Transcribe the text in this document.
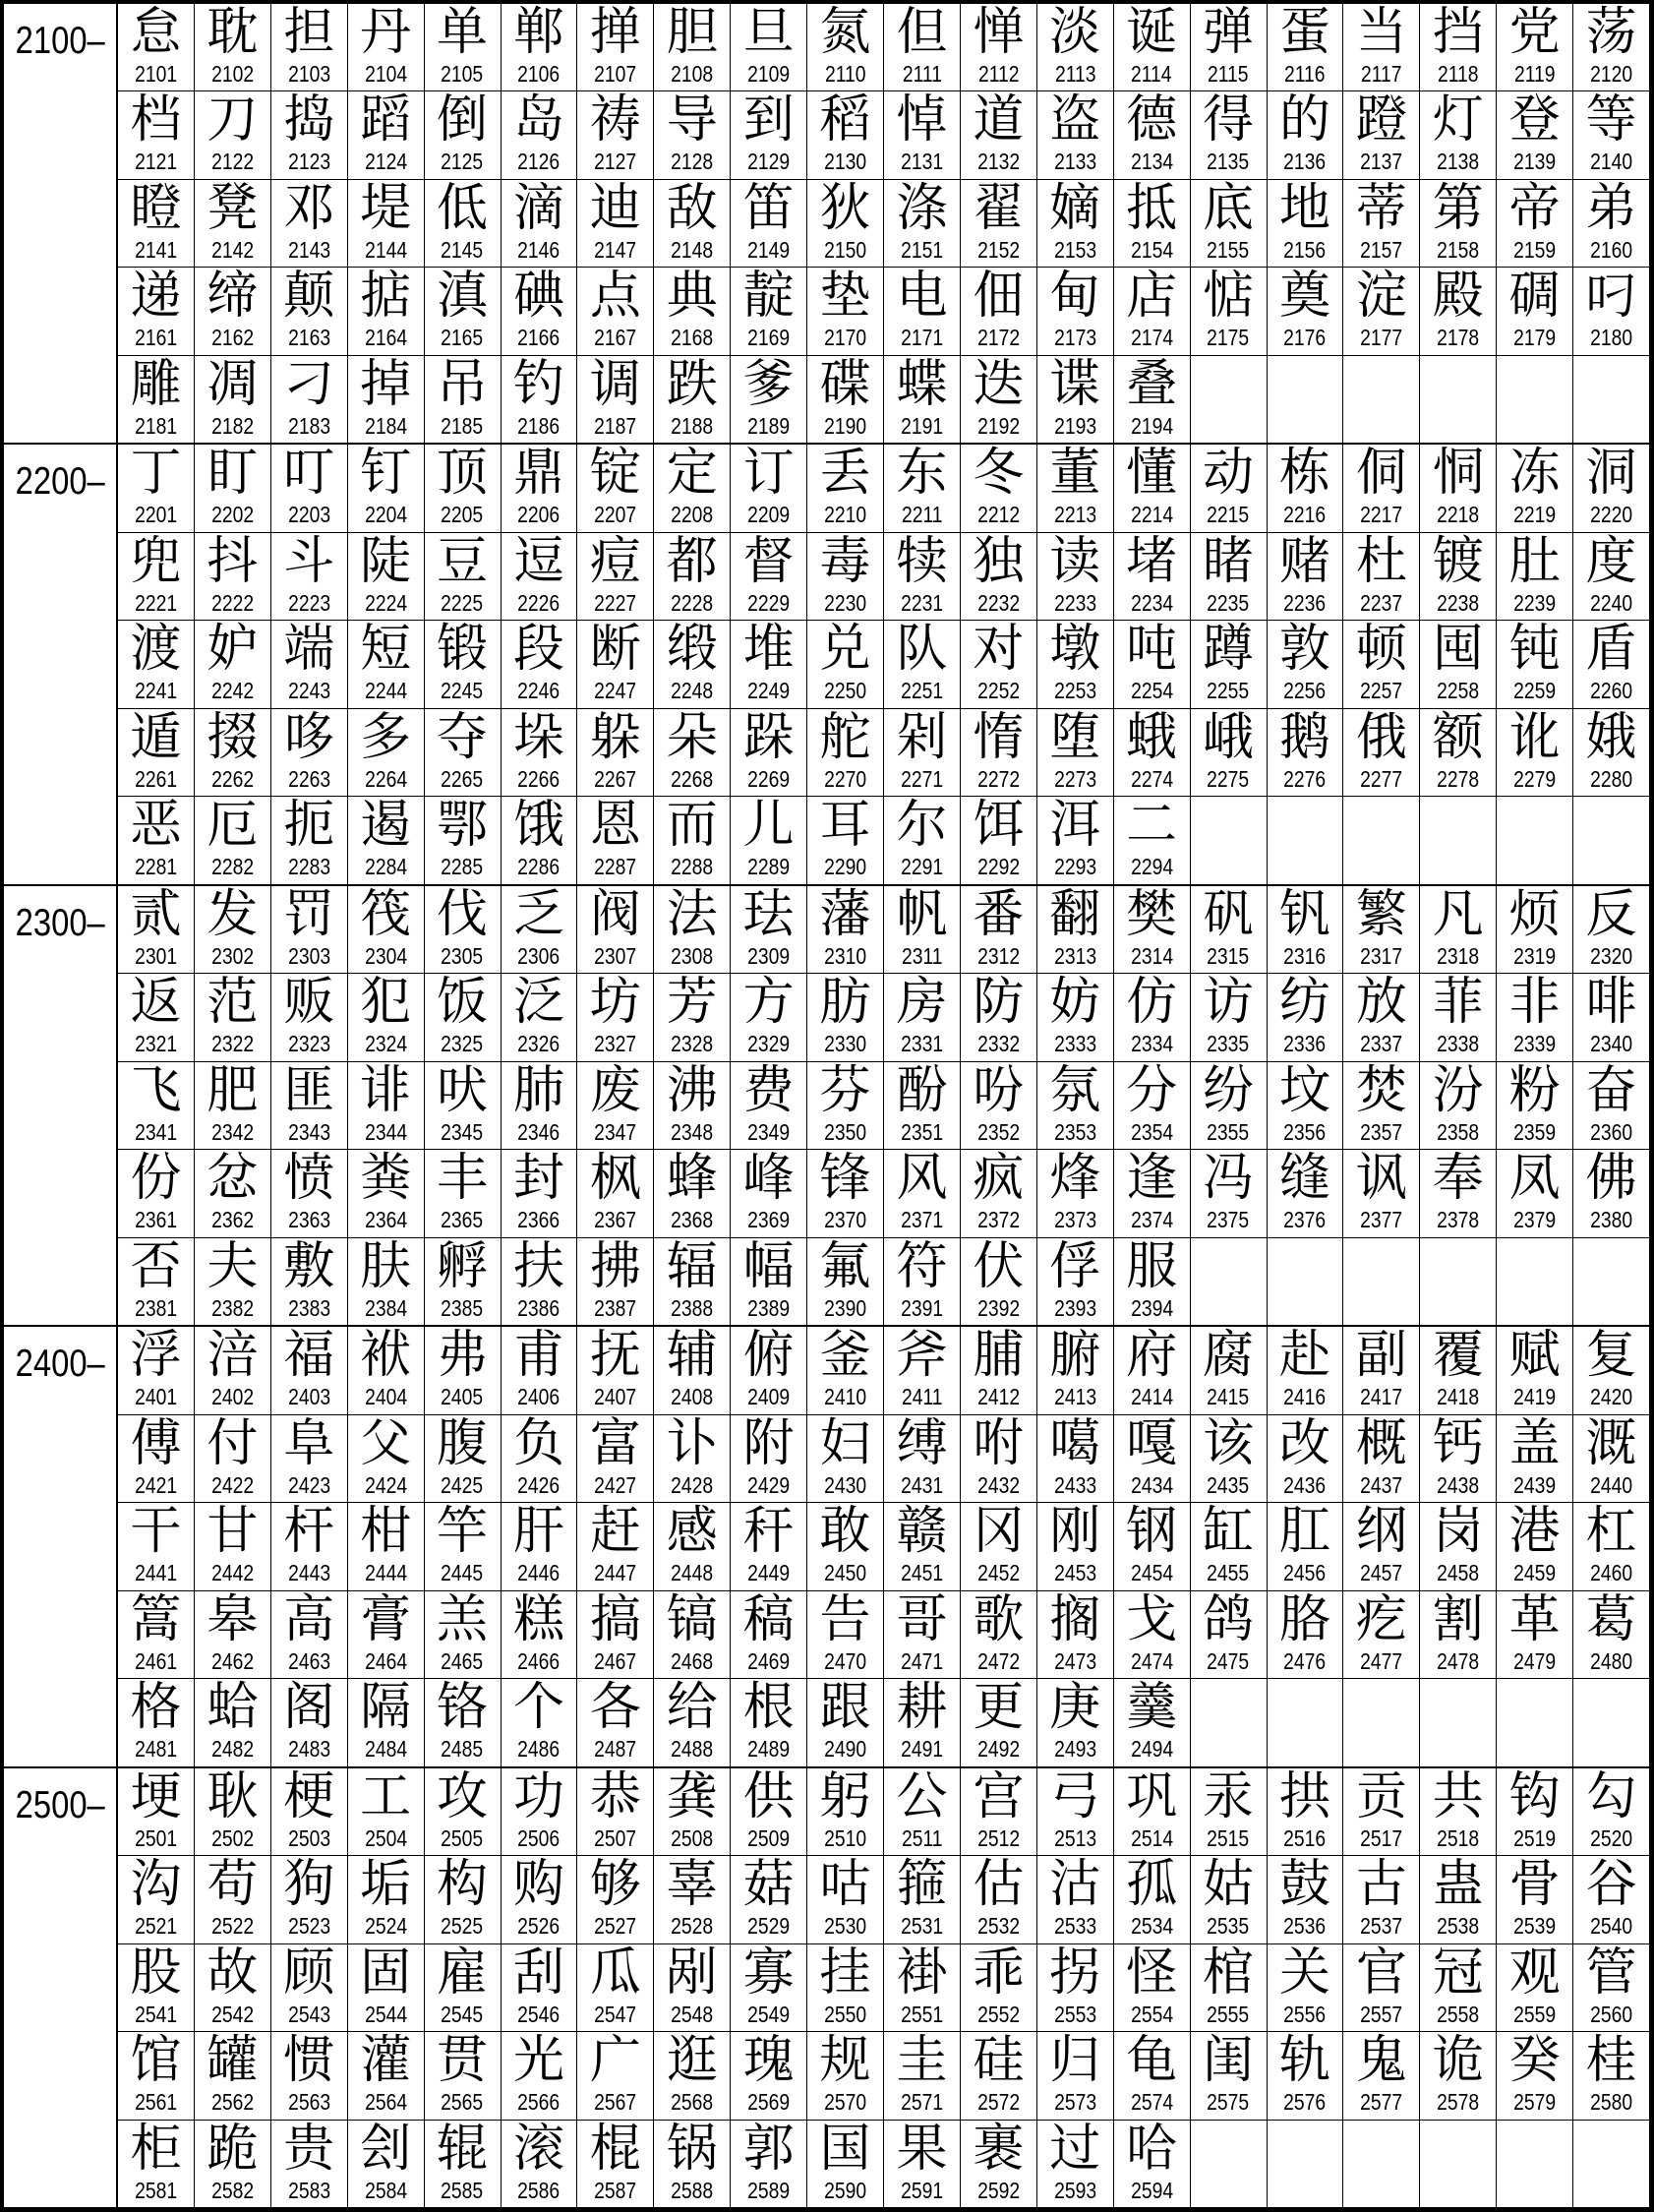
2100– 怠
2101
耽
2102
担
2103
丹
2104
单
2105
郸
2106
掸
2107
胆
2108
旦
2109
氮
2110
但
2111
惮
2112
淡
2113
诞
2114
弹
2115
蛋
2116
当
2117
挡
2118
党
2119
荡
2120
档
2121
刀
2122
捣
2123
蹈
2124
倒
2125
岛
2126
祷
2127
导
2128
到
2129
稻
2130
悼
2131
道
2132
盗
2133
德
2134
得
2135
的
2136
蹬
2137
灯
2138
登
2139
等
2140
瞪
2141
凳
2142
邓
2143
堤
2144
低
2145
滴
2146
迪
2147
敌
2148
笛
2149
狄
2150
涤
2151
翟
2152
嫡
2153
抵
2154
底
2155
地
2156
蒂
2157
第
2158
帝
2159
弟
2160
递
2161
缔
2162
颠
2163
掂
2164
滇
2165
碘
2166
点
2167
典
2168
靛
2169
垫
2170
电
2171
佃
2172
甸
2173
店
2174
惦
2175
奠
2176
淀
2177
殿
2178
碉
2179
叼
2180
雕
2181
凋
2182
刁
2183
掉
2184
吊
2185
钓
2186
调
2187
跌
2188
爹
2189
碟
2190
蝶
2191
迭
2192
谍
2193
叠
2194
2200– 丁
2201
盯
2202
叮
2203
钉
2204
顶
2205
鼎
2206
锭
2207
定
2208
订
2209
丢
2210
东
2211
冬
2212
董
2213
懂
2214
动
2215
栋
2216
侗
2217
恫
2218
冻
2219
洞
2220
兜
2221
抖
2222
斗
2223
陡
2224
豆
2225
逗
2226
痘
2227
都
2228
督
2229
毒
2230
犊
2231
独
2232
读
2233
堵
2234
睹
2235
赌
2236
杜
2237
镀
2238
肚
2239
度
2240
渡
2241
妒
2242
端
2243
短
2244
锻
2245
段
2246
断
2247
缎
2248
堆
2249
兑
2250
队
2251
对
2252
墩
2253
吨
2254
蹲
2255
敦
2256
顿
2257
囤
2258
钝
2259
盾
2260
遁
2261
掇
2262
哆
2263
多
2264
夺
2265
垛
2266
躲
2267
朵
2268
跺
2269
舵
2270
剁
2271
惰
2272
堕
2273
蛾
2274
峨
2275
鹅
2276
俄
2277
额
2278
讹
2279
娥
2280
恶
2281
厄
2282
扼
2283
遏
2284
鄂
2285
饿
2286
恩
2287
而
2288
儿
2289
耳
2290
尔
2291
饵
2292
洱
2293
二
2294
2300– 贰
2301
发
2302
罚
2303
筏
2304
伐
2305
乏
2306
阀
2307
法
2308
珐
2309
藩
2310
帆
2311
番
2312
翻
2313
樊
2314
矾
2315
钒
2316
繁
2317
凡
2318
烦
2319
反
2320
返
2321
范
2322
贩
2323
犯
2324
饭
2325
泛
2326
坊
2327
芳
2328
方
2329
肪
2330
房
2331
防
2332
妨
2333
仿
2334
访
2335
纺
2336
放
2337
菲
2338
非
2339
啡
2340
飞
2341
肥
2342
匪
2343
诽
2344
吠
2345
肺
2346
废
2347
沸
2348
费
2349
芬
2350
酚
2351
吩
2352
氛
2353
分
2354
纷
2355
坟
2356
焚
2357
汾
2358
粉
2359
奋
2360
份
2361
忿
2362
愤
2363
粪
2364
丰
2365
封
2366
枫
2367
蜂
2368
峰
2369
锋
2370
风
2371
疯
2372
烽
2373
逢
2374
冯
2375
缝
2376
讽
2377
奉
2378
凤
2379
佛
2380
否
2381
夫
2382
敷
2383
肤
2384
孵
2385
扶
2386
拂
2387
辐
2388
幅
2389
氟
2390
符
2391
伏
2392
俘
2393
服
2394
2400– 浮
2401
涪
2402
福
2403
袱
2404
弗
2405
甫
2406
抚
2407
辅
2408
俯
2409
釜
2410
斧
2411
脯
2412
腑
2413
府
2414
腐
2415
赴
2416
副
2417
覆
2418
赋
2419
复
2420
傅
2421
付
2422
阜
2423
父
2424
腹
2425
负
2426
富
2427
讣
2428
附
2429
妇
2430
缚
2431
咐
2432
噶
2433
嘎
2434
该
2435
改
2436
概
2437
钙
2438
盖
2439
溉
2440
干
2441
甘
2442
杆
2443
柑
2444
竿
2445
肝
2446
赶
2447
感
2448
秆
2449
敢
2450
赣
2451
冈
2452
刚
2453
钢
2454
缸
2455
肛
2456
纲
2457
岗
2458
港
2459
杠
2460
篙
2461
皋
2462
高
2463
膏
2464
羔
2465
糕
2466
搞
2467
镐
2468
稿
2469
告
2470
哥
2471
歌
2472
搁
2473
戈
2474
鸽
2475
胳
2476
疙
2477
割
2478
革
2479
葛
2480
格
2481
蛤
2482
阁
2483
隔
2484
铬
2485
个
2486
各
2487
给
2488
根
2489
跟
2490
耕
2491
更
2492
庚
2493
羹
2494
2500– 埂
2501
耿
2502
梗
2503
工
2504
攻
2505
功
2506
恭
2507
龚
2508
供
2509
躬
2510
公
2511
宫
2512
弓
2513
巩
2514
汞
2515
拱
2516
贡
2517
共
2518
钩
2519
勾
2520
沟
2521
苟
2522
狗
2523
垢
2524
构
2525
购
2526
够
2527
辜
2528
菇
2529
咕
2530
箍
2531
估
2532
沽
2533
孤
2534
姑
2535
鼓
2536
古
2537
蛊
2538
骨
2539
谷
2540
股
2541
故
2542
顾
2543
固
2544
雇
2545
刮
2546
瓜
2547
剐
2548
寡
2549
挂
2550
褂
2551
乖
2552
拐
2553
怪
2554
棺
2555
关
2556
官
2557
冠
2558
观
2559
管
2560
馆
2561
罐
2562
惯
2563
灌
2564
贯
2565
光
2566
广
2567
逛
2568
瑰
2569
规
2570
圭
2571
硅
2572
归
2573
龟
2574
闺
2575
轨
2576
鬼
2577
诡
2578
癸
2579
桂
2580
柜
2581
跪
2582
贵
2583
刽
2584
辊
2585
滚
2586
棍
2587
锅
2588
郭
2589
国
2590
果
2591
裹
2592
过
2593
哈
2594
